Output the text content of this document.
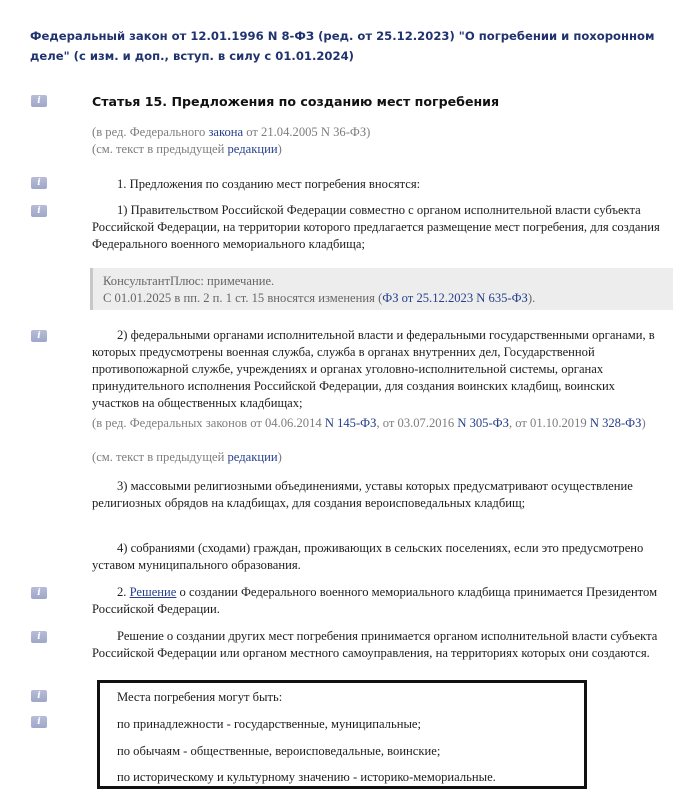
Федеральный закон от 12.01.1996 N 8-ФЗ (ред. от 25.12.2023) "О погребении и похоронном деле" (с изм. и доп., вступ. в силу с 01.01.2024)

i	Статья 15. Предложения по созданию мест погребения

(в ред. Федерального закона от 21.04.2005 N 36-ФЗ)

(см. текст в предыдущей редакции)

i	1. Предложения по созданию мест погребения вносятся:

i	1) Правительством Российской Федерации совместно с органом исполнительной власти субъекта Российской Федерации, на территории которого предлагается размещение мест погребения, для создания Федерального военного мемориального кладбища;

КонсультантПлюс: примечание.

С 01.01.2025 в пп. 2 п. 1 ст. 15 вносятся изменения (ФЗ от 25.12.2023 N 635-ФЗ).

i	2) федеральными органами исполнительной власти и федеральными государственными органами, в которых предусмотрены военная служба, служба в органах внутренних дел, Государственной противопожарной службе, учреждениях и органах уголовно-исполнительной системы, органах принудительного исполнения Российской Федерации, для создания воинских кладбищ, воинских участков на общественных кладбищах;

(в ред. Федеральных законов от 04.06.2014 N 145-ФЗ, от 03.07.2016 N 305-ФЗ, от 01.10.2019 N 328-ФЗ)

(см. текст в предыдущей редакции)

3) массовыми религиозными объединениями, уставы которых предусматривают осуществление религиозных обрядов на кладбищах, для создания вероисповедальных кладбищ;

4) собраниями (сходами) граждан, проживающих в сельских поселениях, если это предусмотрено уставом муниципального образования.

i	2. Решение о создании Федерального военного мемориального кладбища принимается Президентом Российской Федерации.

i	Решение о создании других мест погребения принимается органом исполнительной власти субъекта Российской Федерации или органом местного самоуправления, на территориях которых они создаются.

i
i

Места погребения могут быть:

по принадлежности - государственные, муниципальные;

по обычаям - общественные, вероисповедальные, воинские;

по историческому и культурному значению - историко-мемориальные.
